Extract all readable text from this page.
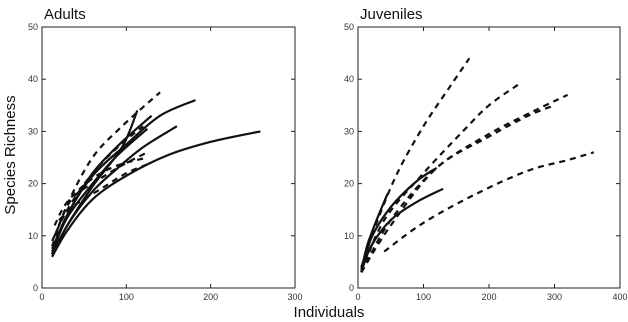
Species Richness
Individuals
Adults
0	100	200	300
0
10
20
30
40
50
Juveniles
0	100	200	300	400
0
10
20
30
40
50
